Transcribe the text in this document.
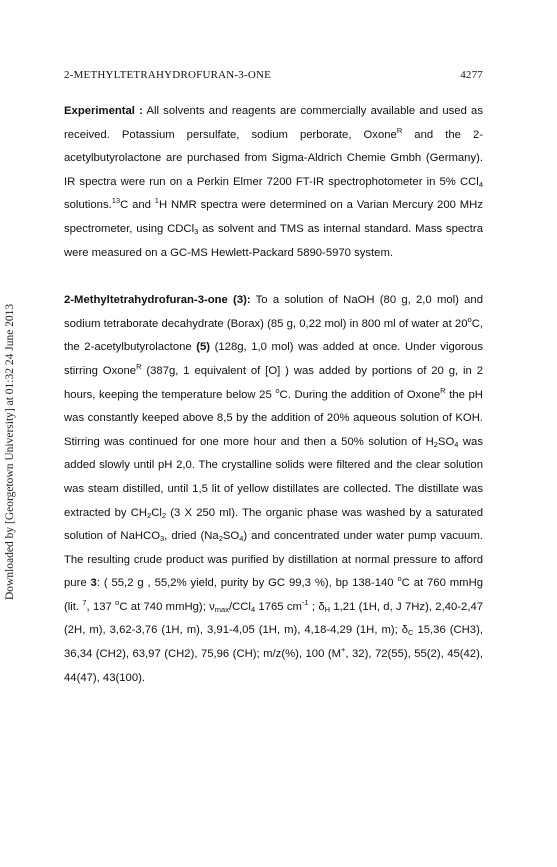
Downloaded by [Georgetown University] at 01:32 24 June 2013
2-METHYLTETRAHYDROFURAN-3-ONE	4277

Experimental : All solvents and reagents are commercially available and used as received. Potassium persulfate, sodium perborate, Oxone$^R$ and the 2-acetylbutyrolactone are purchased from Sigma-Aldrich Chemie Gmbh (Germany). IR spectra were run on a Perkin Elmer 7200 FT-IR spectrophotometer in 5% CCl$_4$ solutions.$^{13}$C and $^1$H NMR spectra were determined on a Varian Mercury 200 MHz spectrometer, using CDCl$_3$ as solvent and TMS as internal standard. Mass spectra were measured on a GC-MS Hewlett-Packard 5890-5970 system.

2-Methyltetrahydrofuran-3-one (3): To a solution of NaOH (80 g, 2,0 mol) and sodium tetraborate decahydrate (Borax) (85 g, 0,22 mol) in 800 ml of water at 20$^o$C, the 2-acetylbutyrolactone (5) (128g, 1,0 mol) was added at once. Under vigorous stirring Oxone$^R$ (387g, 1 equivalent of [O] ) was added by portions of 20 g, in 2 hours, keeping the temperature below 25 $^o$C. During the addition of Oxone$^R$ the pH was constantly keeped above 8,5 by the addition of 20% aqueous solution of KOH. Stirring was continued for one more hour and then a 50% solution of $H_2SO_4$ was added slowly until pH 2,0. The crystalline solids were filtered and the clear solution was steam distilled, until 1,5 lit of yellow distillates are collected. The distillate was extracted by $CH_2Cl_2$ (3 X 250 ml). The organic phase was washed by a saturated solution of NaHCO$_3$, dried $(Na_2SO_4)$ and concentrated under water pump vacuum. The resulting crude product was purified by distillation at normal pressure to afford pure 3: ( 55,2 g , 55,2% yield, purity by GC 99,3 %), bp 138-140 $^o$C at 760 mmHg (lit. $^7$, 137 $^o$C at 740 mmHg); $\nu_{max}/CCl_4$ 1765 $cm^{-1}$ ; $\delta_H$ 1,21 (1H, d, J 7Hz), 2,40-2,47 (2H, m), 3,62-3,76 (1H, m), 3,91-4,05 (1H, m), 4,18-4,29 (1H, m); $\delta_C$ 15,36 (CH3), 36,34 (CH2), 63,97 (CH2), 75,96 (CH); m/z(%), 100 (M+, 32), 72(55), 55(2), 45(42), 44(47), 43(100).
